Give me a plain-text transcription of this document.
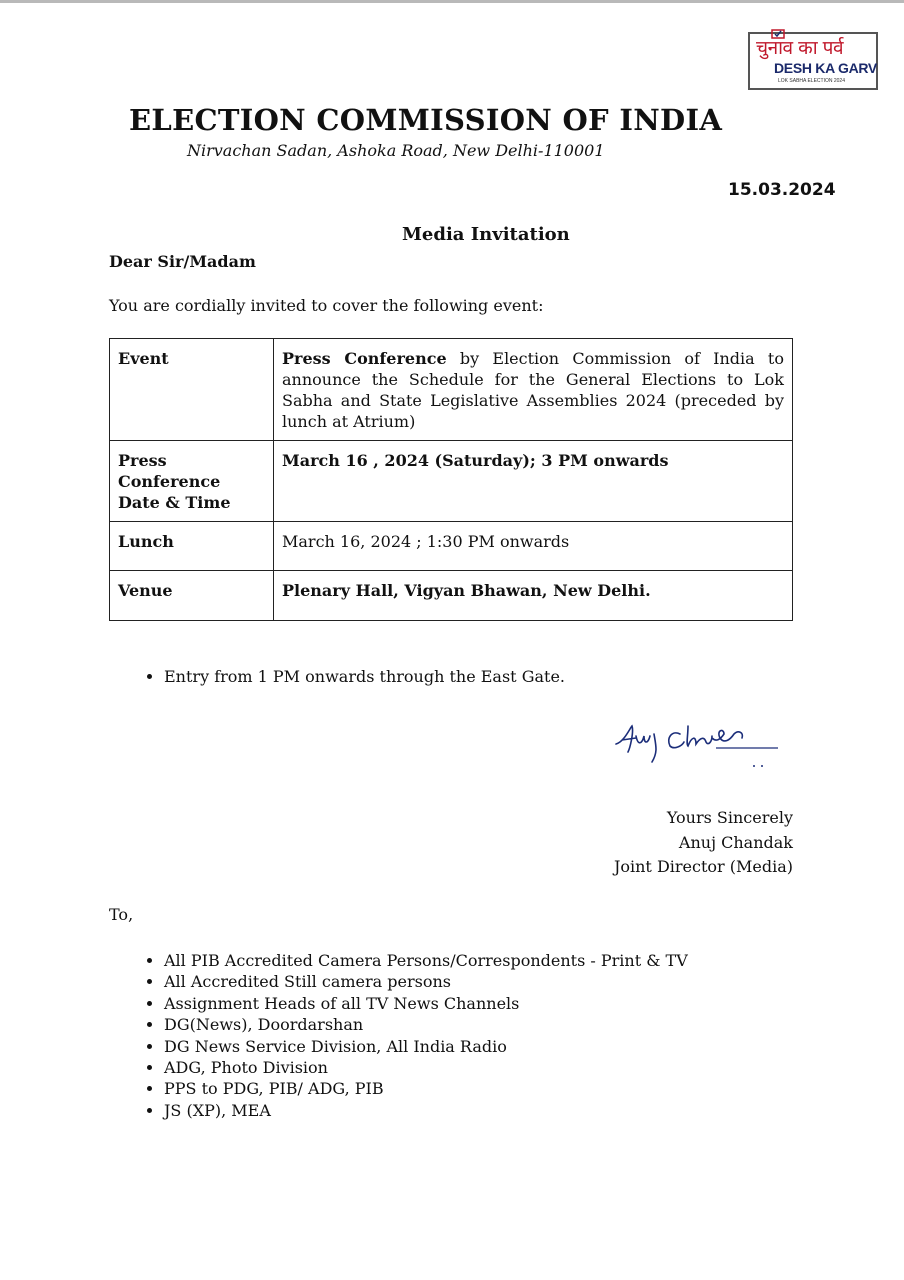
चुनाव का पर्व
DESH KA GARV
LOK SABHA ELECTION 2024
ELECTION COMMISSION OF INDIA
Nirvachan Sadan, Ashoka Road, New Delhi-110001
15.03.2024
Media Invitation
Dear Sir/Madam
You are cordially invited to cover the following event:
Event	Press Conference by Election Commission of India to announce the Schedule for the General Elections to Lok Sabha and State Legislative Assemblies 2024 (preceded by lunch at Atrium)

Press
Conference
Date & Time	March 16 , 2024 (Saturday); 3 PM onwards
Lunch	March 16, 2024 ; 1:30 PM onwards
Venue	Plenary Hall, Vigyan Bhawan, New Delhi.
• Entry from 1 PM onwards through the East Gate.
Yours Sincerely
Anuj Chandak
Joint Director (Media)
To,
• All PIB Accredited Camera Persons/Correspondents - Print & TV
• All Accredited Still camera persons
• Assignment Heads of all TV News Channels
• DG(News), Doordarshan
• DG News Service Division, All India Radio
• ADG, Photo Division
• PPS to PDG, PIB/ ADG, PIB
• JS (XP), MEA
